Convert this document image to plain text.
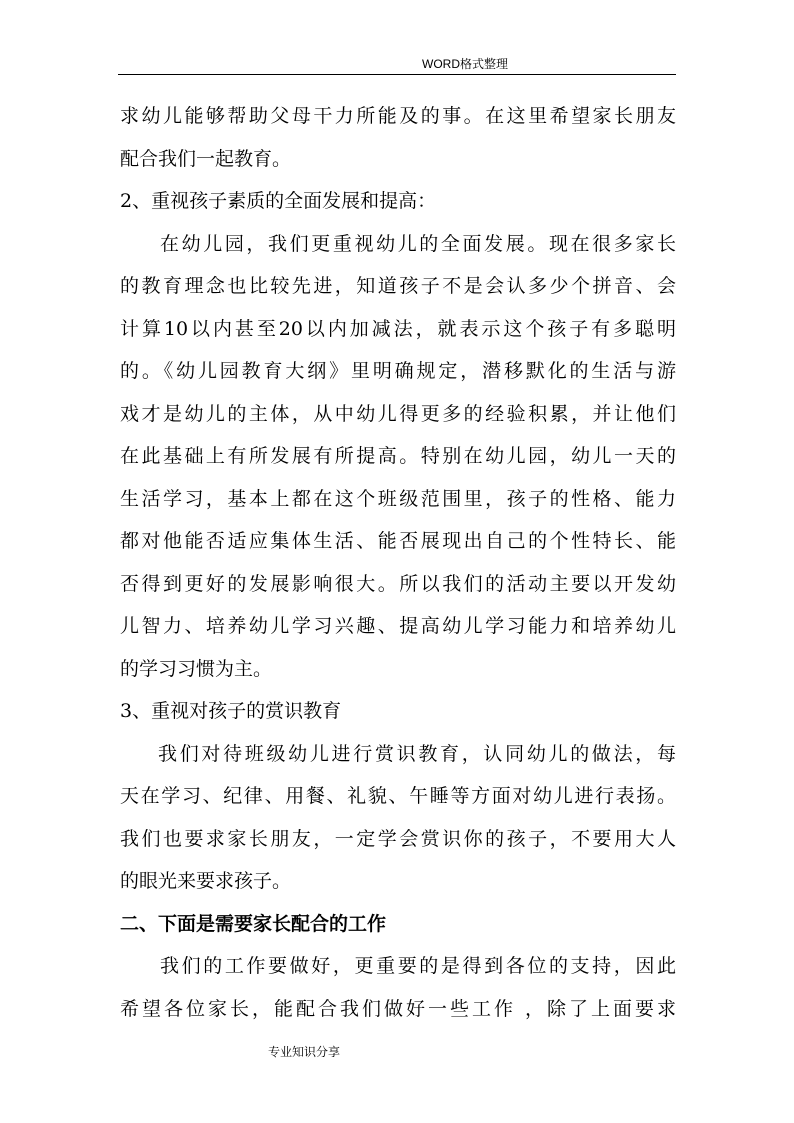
WORD格式整理
求幼儿能够帮助父母干力所能及的事。在这里希望家长朋友
配合我们一起教育。
2、重视孩子素质的全面发展和提高：
在幼儿园，我们更重视幼儿的全面发展。现在很多家长
的教育理念也比较先进，知道孩子不是会认多少个拼音、会
计算10以内甚至20以内加减法，就表示这个孩子有多聪明
的。《幼儿园教育大纲》里明确规定，潜移默化的生活与游
戏才是幼儿的主体，从中幼儿得更多的经验积累，并让他们
在此基础上有所发展有所提高。特别在幼儿园，幼儿一天的
生活学习，基本上都在这个班级范围里，孩子的性格、能力
都对他能否适应集体生活、能否展现出自己的个性特长、能
否得到更好的发展影响很大。所以我们的活动主要以开发幼
儿智力、培养幼儿学习兴趣、提高幼儿学习能力和培养幼儿
的学习习惯为主。
3、重视对孩子的赏识教育
我们对待班级幼儿进行赏识教育，认同幼儿的做法，每
天在学习、纪律、用餐、礼貌、午睡等方面对幼儿进行表扬。
我们也要求家长朋友，一定学会赏识你的孩子，不要用大人
的眼光来要求孩子。
二、下面是需要家长配合的工作
我们的工作要做好，更重要的是得到各位的支持，因此
希望各位家长，能配合我们做好一些工作 ，除了上面要求
专业知识分享
